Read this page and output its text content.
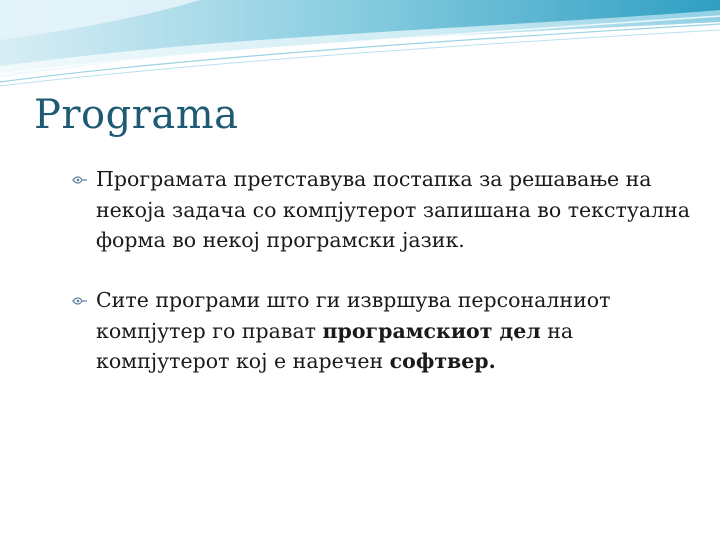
Programa
Програмата претставува постапка за решавање на некоја задача со компјутерот запишана во текстуална форма во некој програмски јазик.
Сите програми што ги извршува персоналниот компјутер го прават програмскиот дел на компјутерот кој е наречен софтвер.
